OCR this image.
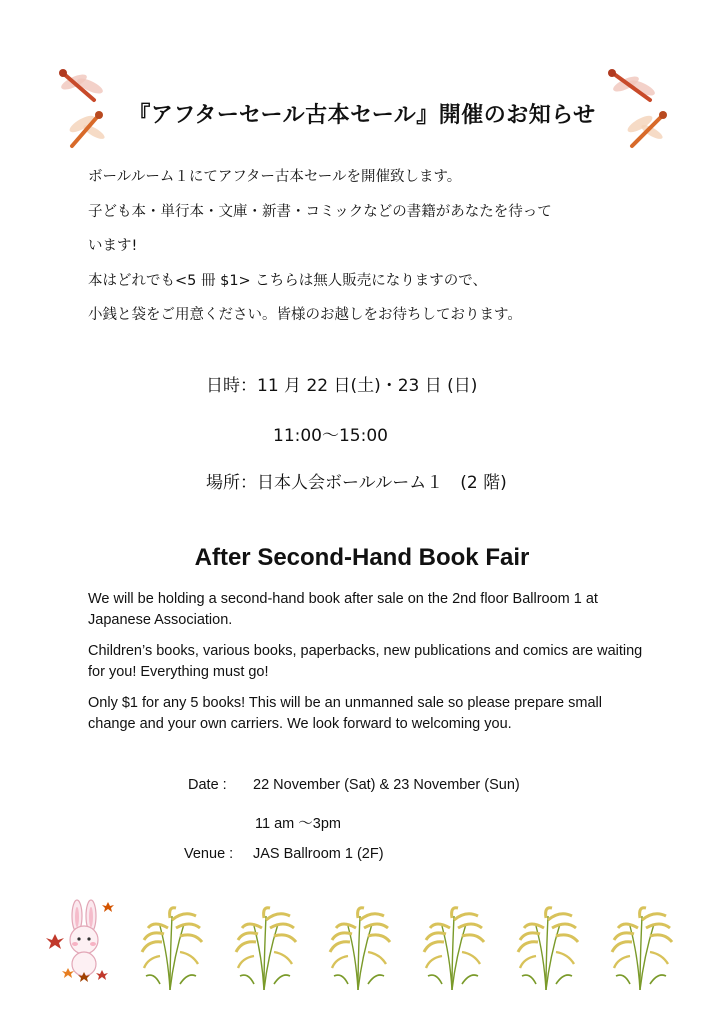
『アフターセール古本セール』開催のお知らせ

ボールルーム１にてアフター古本セールを開催致します。

子ども本・単行本・文庫・新書・コミックなどの書籍があなたを待って

います!

本はどれでも<5 冊 $1> こちらは無人販売になりますので、

小銭と袋をご用意ください。皆様のお越しをお待ちしております。

日時：11 月 22 日(土)・23 日 (日)
11:00～15:00
場所：日本人会ボールルーム１　(2 階)
After Second-Hand Book Fair

We will be holding a second-hand book after sale on the 2nd floor Ballroom 1 at Japanese Association.

Children’s books, various books, paperbacks, new publications and comics are waiting for you! Everything must go!

Only $1 for any 5 books! This will be an unmanned sale so please prepare small change and your own carriers. We look forward to welcoming you.

Date : 22 November (Sat) & 23 November (Sun)
11 am ～3pm
Venue : JAS Ballroom 1 (2F)
